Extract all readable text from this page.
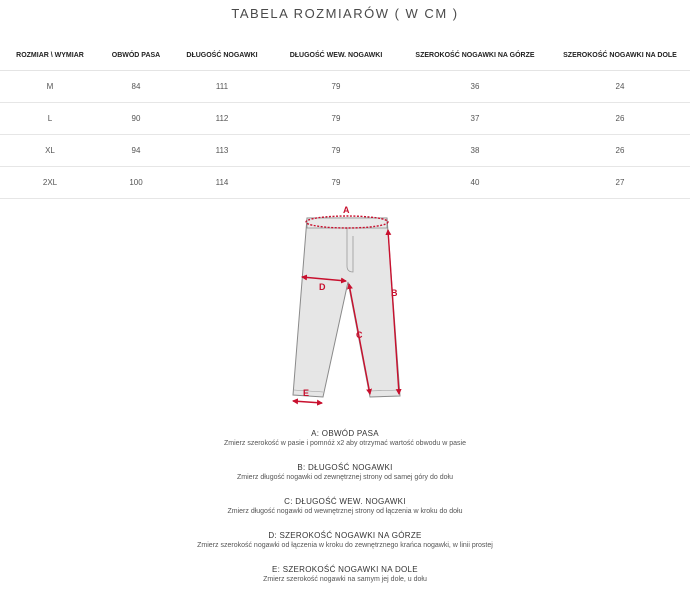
TABELA ROZMIARÓW ( W CM )
ROZMIAR \ WYMIAR	OBWÓD PASA	DŁUGOŚĆ NOGAWKI	DŁUGOŚĆ WEW. NOGAWKI	SZEROKOŚĆ NOGAWKI NA GÓRZE	SZEROKOŚĆ NOGAWKI NA DOLE
M	84	111	79	36	24
L	90	112	79	37	26
XL	94	113	79	38	26
2XL	100	114	79	40	27
A
B
C
D
E
A: OBWÓD PASA
Zmierz szerokość w pasie i pomnóż x2 aby otrzymać wartość obwodu w pasie
B: DŁUGOŚĆ NOGAWKI
Zmierz długość nogawki od zewnętrznej strony od samej góry do dołu
C: DŁUGOŚĆ WEW. NOGAWKI
Zmierz długość nogawki od wewnętrznej strony od łączenia w kroku do dołu
D: SZEROKOŚĆ NOGAWKI NA GÓRZE
Zmierz szerokość nogawki od łączenia w kroku do zewnętrznego krańca nogawki, w linii prostej
E: SZEROKOŚĆ NOGAWKI NA DOLE
Zmierz szerokość nogawki na samym jej dole, u dołu
